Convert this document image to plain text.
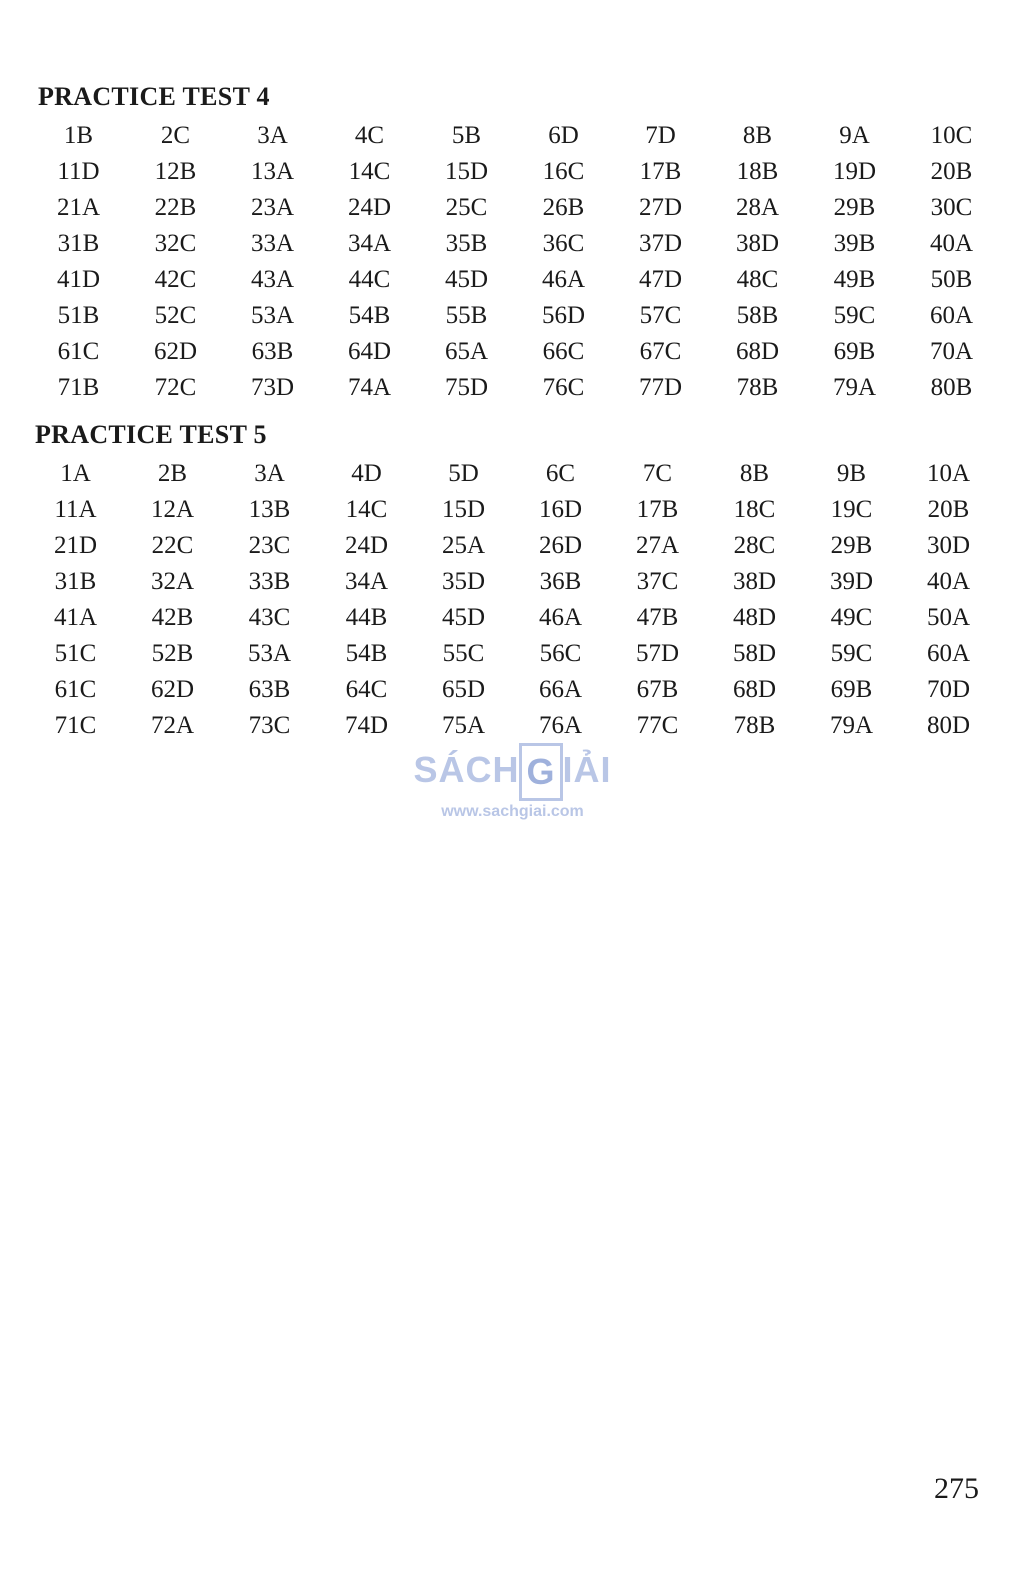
PRACTICE TEST 4
1B	2C	3A	4C	5B	6D	7D	8B	9A	10C
11D	12B	13A	14C	15D	16C	17B	18B	19D	20B
21A	22B	23A	24D	25C	26B	27D	28A	29B	30C
31B	32C	33A	34A	35B	36C	37D	38D	39B	40A
41D	42C	43A	44C	45D	46A	47D	48C	49B	50B
51B	52C	53A	54B	55B	56D	57C	58B	59C	60A
61C	62D	63B	64D	65A	66C	67C	68D	69B	70A
71B	72C	73D	74A	75D	76C	77D	78B	79A	80B
PRACTICE TEST 5
1A	2B	3A	4D	5D	6C	7C	8B	9B	10A
11A	12A	13B	14C	15D	16D	17B	18C	19C	20B
21D	22C	23C	24D	25A	26D	27A	28C	29B	30D
31B	32A	33B	34A	35D	36B	37C	38D	39D	40A
41A	42B	43C	44B	45D	46A	47B	48D	49C	50A
51C	52B	53A	54B	55C	56C	57D	58D	59C	60A
61C	62D	63B	64C	65D	66A	67B	68D	69B	70D
71C	72A	73C	74D	75A	76A	77C	78B	79A	80D
SÁCH G IẢI
www.sachgiai.com
275
